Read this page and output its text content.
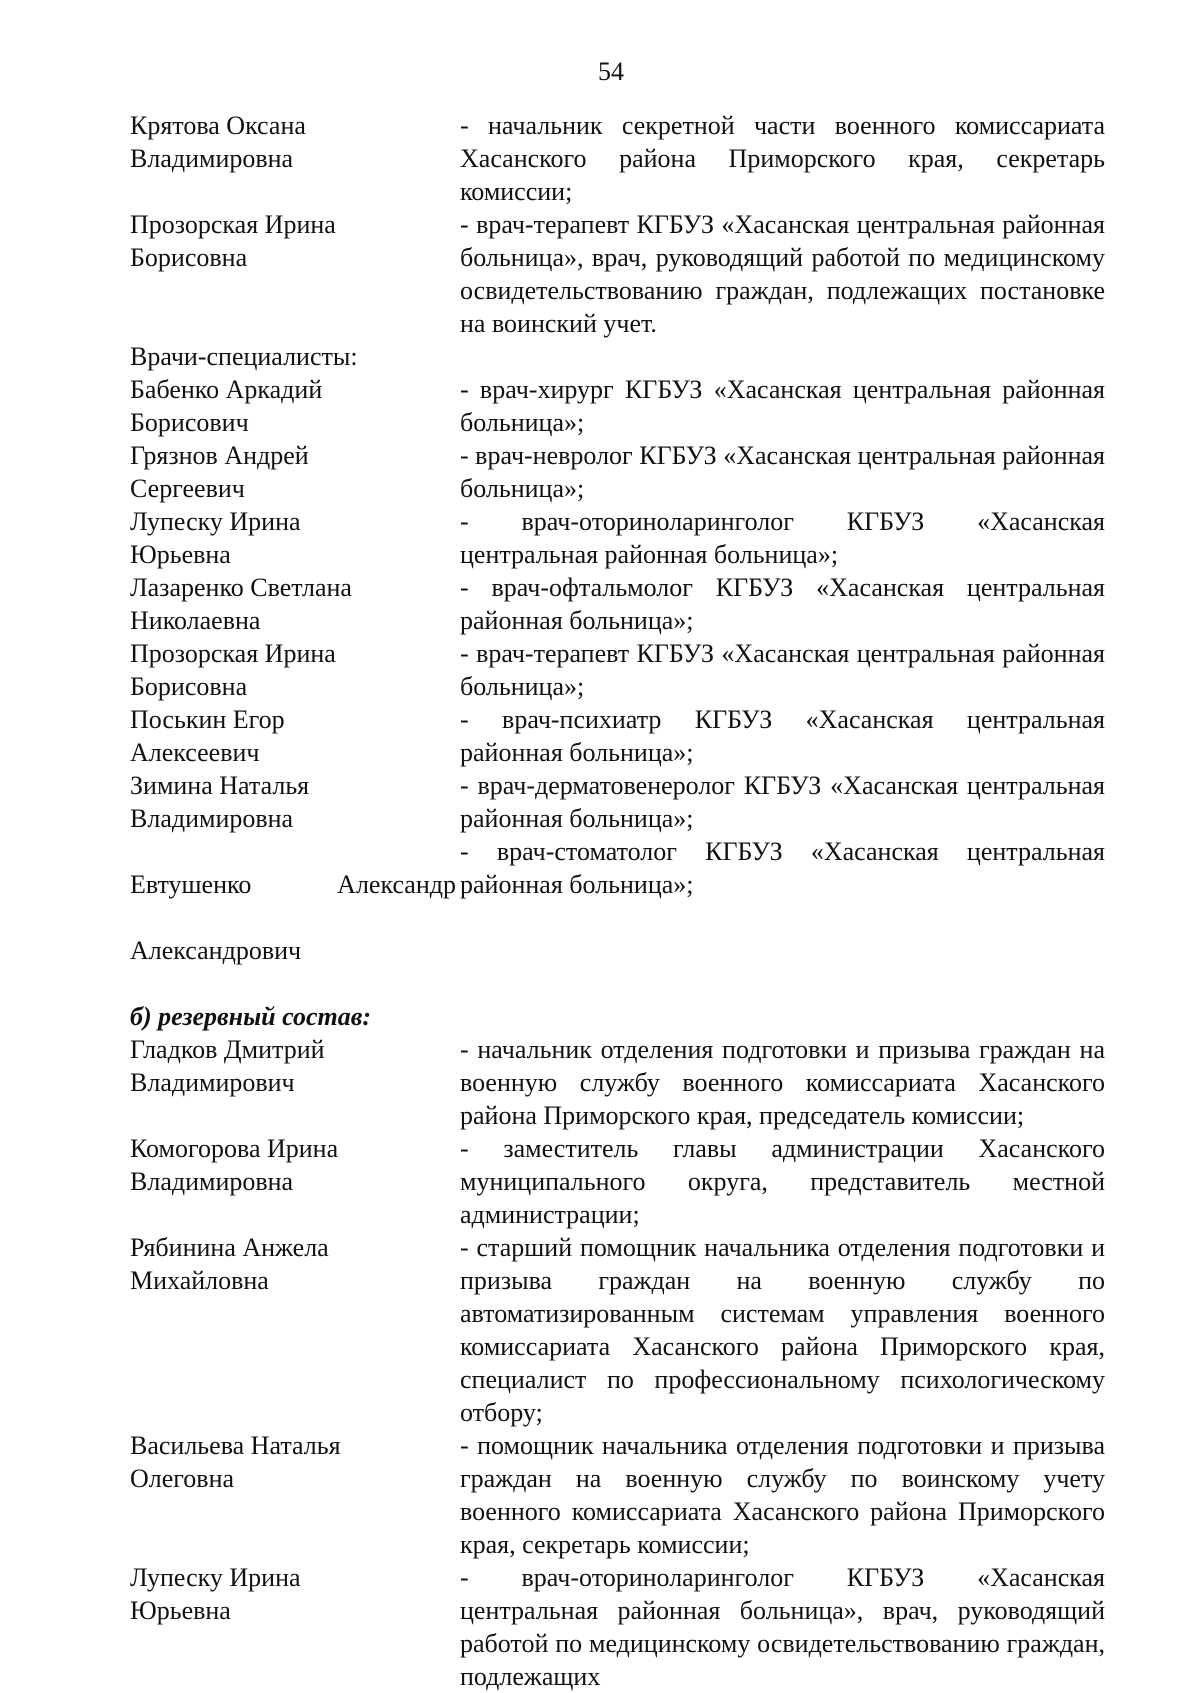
54
Крятова Оксана
Владимировна
- начальник секретной части военного комиссариата Хасанского района Приморского края, секретарь комиссии;
Прозорская Ирина
Борисовна
- врач-терапевт КГБУЗ «Хасанская центральная районная больница», врач, руководящий работой по медицинскому освидетельствованию граждан, подлежащих постановке на воинский учет.
Врачи-специалисты:
Бабенко Аркадий
Борисович
- врач-хирург КГБУЗ «Хасанская центральная районная больница»;
Грязнов Андрей
Сергеевич
- врач-невролог КГБУЗ «Хасанская центральная районная больница»;
Лупеску Ирина
Юрьевна
- врач-оториноларинголог КГБУЗ «Хасанская центральная районная больница»;
Лазаренко Светлана
Николаевна
- врач-офтальмолог КГБУЗ «Хасанская центральная районная больница»;
Прозорская Ирина
Борисовна
- врач-терапевт КГБУЗ «Хасанская центральная районная больница»;
Поськин Егор
Алексеевич
- врач-психиатр КГБУЗ «Хасанская центральная районная больница»;
Зимина Наталья
Владимировна
- врач-дерматовенеролог КГБУЗ «Хасанская центральная районная больница»;

Евтушенко	Александр

Александрович

- врач-стоматолог КГБУЗ «Хасанская центральная районная больница»;
б) резервный состав:
Гладков Дмитрий
Владимирович
- начальник отделения подготовки и призыва граждан на военную службу военного комиссариата Хасанского района Приморского края, председатель комиссии;
Комогорова Ирина
Владимировна
- заместитель главы администрации Хасанского муниципального округа, представитель местной администрации;
Рябинина Анжела
Михайловна
- старший помощник начальника отделения подготовки и призыва граждан на военную службу по автоматизированным системам управления военного комиссариата Хасанского района Приморского края, специалист по профессиональному психологическому отбору;
Васильева Наталья
Олеговна
- помощник начальника отделения подготовки и призыва граждан на военную службу по воинскому учету военного комиссариата Хасанского района Приморского края, секретарь комиссии;
Лупеску Ирина
Юрьевна
- врач-оториноларинголог КГБУЗ «Хасанская центральная районная больница», врач, руководящий работой по медицинскому освидетельствованию граждан, подлежащих
